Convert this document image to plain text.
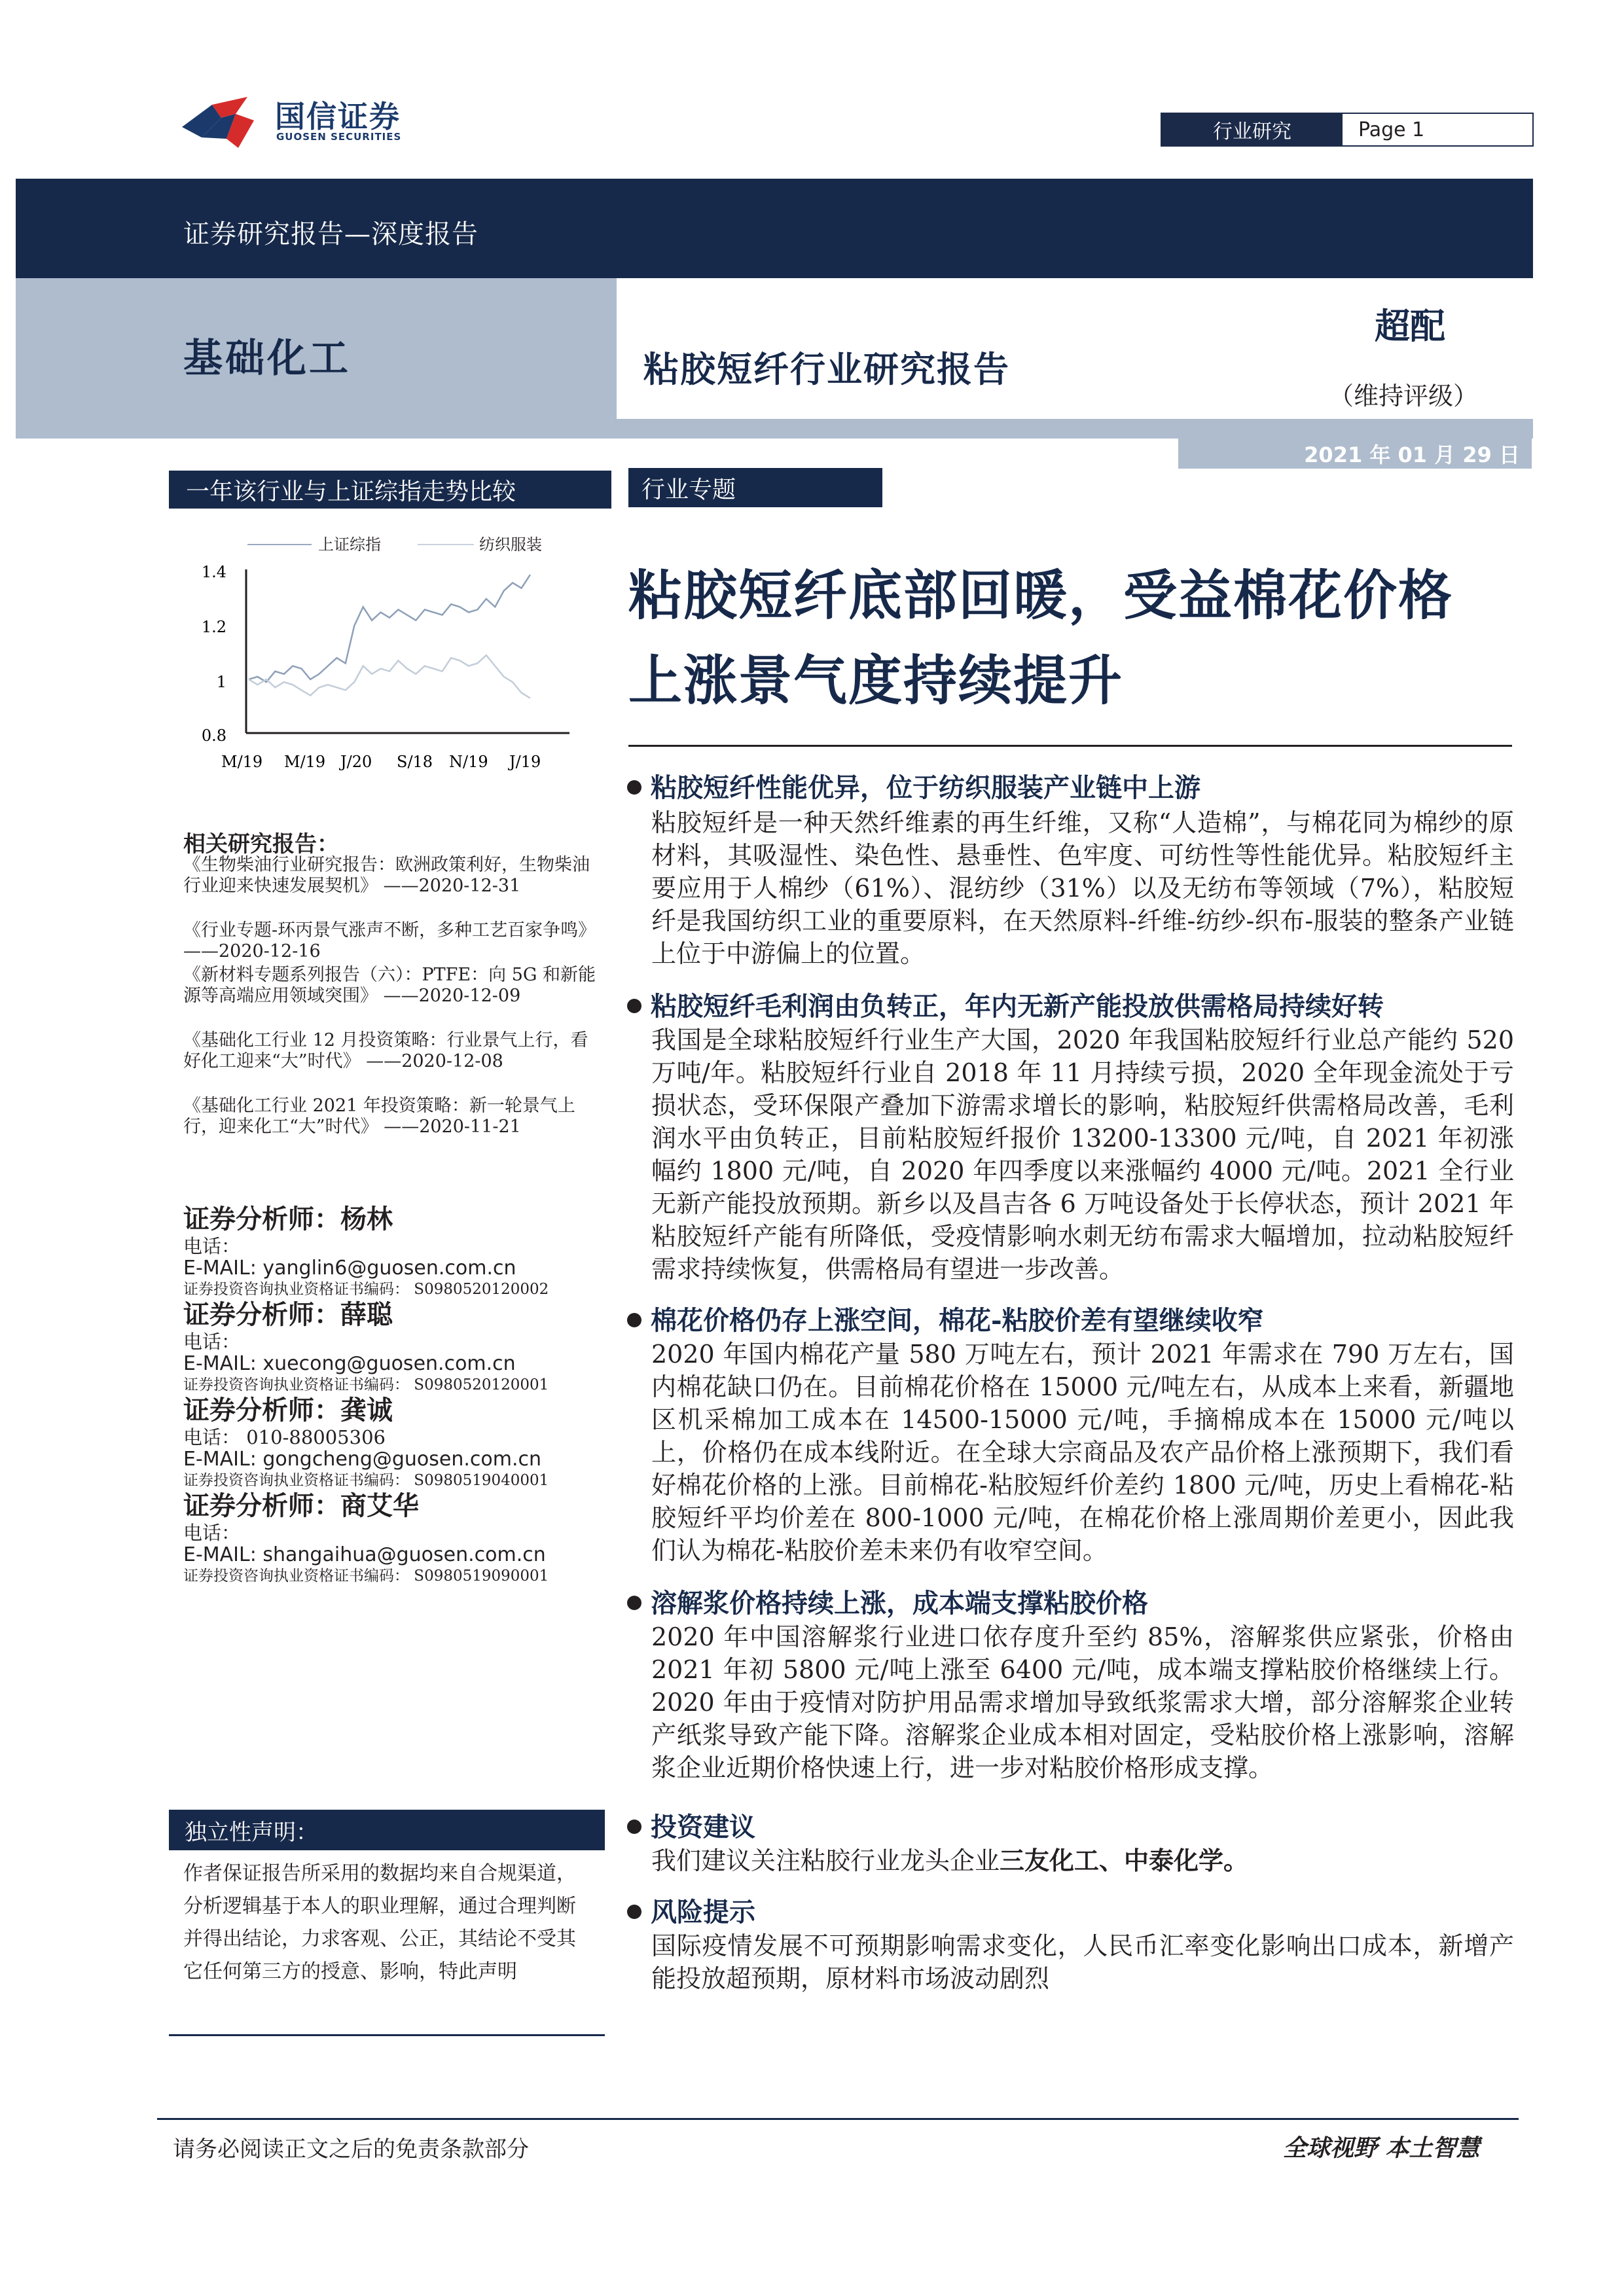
国信证券
GUOSEN SECURITIES	行业研究	Page 1
证券研究报告—深度报告
基础化工	粘胶短纤行业研究报告
超配
（维持评级）
2021 年 01 月 29 日
一年该行业与上证综指走势比较
上证综指	纺织服装
1.4
1.2
1
0.8
M/19 M/19 J/20 S/18 N/19 J/19
相关研究报告：
《生物柴油行业研究报告：欧洲政策利好，生物柴油行业迎来快速发展契机》 ——2020-12-31
《行业专题-环丙景气涨声不断，多种工艺百家争鸣》 ——2020-12-16
《新材料专题系列报告（六）：PTFE：向 5G 和新能源等高端应用领域突围》 ——2020-12-09
《基础化工行业 12 月投资策略：行业景气上行，看好化工迎来“大”时代》 ——2020-12-08
《基础化工行业 2021 年投资策略：新一轮景气上行，迎来化工“大”时代》 ——2020-11-21
证券分析师：杨林
电话：
E-MAIL: yanglin6@guosen.com.cn
证券投资咨询执业资格证书编码： S0980520120002
证券分析师：薛聪
电话：
E-MAIL: xuecong@guosen.com.cn
证券投资咨询执业资格证书编码： S0980520120001
证券分析师：龚诚
电话： 010-88005306
E-MAIL: gongcheng@guosen.com.cn
证券投资咨询执业资格证书编码： S0980519040001
证券分析师：商艾华
电话：
E-MAIL: shangaihua@guosen.com.cn
证券投资咨询执业资格证书编码： S0980519090001
独立性声明：
作者保证报告所采用的数据均来自合规渠道，分析逻辑基于本人的职业理解，通过合理判断并得出结论，力求客观、公正，其结论不受其它任何第三方的授意、影响，特此声明
行业专题
粘胶短纤底部回暖，受益棉花价格
上涨景气度持续提升
粘胶短纤性能优异，位于纺织服装产业链中上游
粘胶短纤是一种天然纤维素的再生纤维，又称“人造棉”，与棉花同为棉纱的原材料，其吸湿性、染色性、悬垂性、色牢度、可纺性等性能优异。粘胶短纤主要应用于人棉纱（61%）、混纺纱（31%）以及无纺布等领域（7%），粘胶短纤是我国纺织工业的重要原料，在天然原料-纤维-纺纱-织布-服装的整条产业链上位于中游偏上的位置。
粘胶短纤毛利润由负转正，年内无新产能投放供需格局持续好转
我国是全球粘胶短纤行业生产大国，2020 年我国粘胶短纤行业总产能约 520 万吨/年。粘胶短纤行业自 2018 年 11 月持续亏损，2020 全年现金流处于亏损状态，受环保限产叠加下游需求增长的影响，粘胶短纤供需格局改善，毛利润水平由负转正，目前粘胶短纤报价 13200-13300 元/吨，自 2021 年初涨幅约 1800 元/吨，自 2020 年四季度以来涨幅约 4000 元/吨。2021 全行业无新产能投放预期。新乡以及昌吉各 6 万吨设备处于长停状态，预计 2021 年粘胶短纤产能有所降低，受疫情影响水刺无纺布需求大幅增加，拉动粘胶短纤需求持续恢复，供需格局有望进一步改善。
棉花价格仍存上涨空间，棉花-粘胶价差有望继续收窄
2020 年国内棉花产量 580 万吨左右，预计 2021 年需求在 790 万左右，国内棉花缺口仍在。目前棉花价格在 15000 元/吨左右，从成本上来看，新疆地区机采棉加工成本在 14500-15000 元/吨，手摘棉成本在 15000 元/吨以上，价格仍在成本线附近。在全球大宗商品及农产品价格上涨预期下，我们看好棉花价格的上涨。目前棉花-粘胶短纤价差约 1800 元/吨，历史上看棉花-粘胶短纤平均价差在 800-1000 元/吨，在棉花价格上涨周期价差更小，因此我们认为棉花-粘胶价差未来仍有收窄空间。
溶解浆价格持续上涨，成本端支撑粘胶价格
2020 年中国溶解浆行业进口依存度升至约 85%，溶解浆供应紧张，价格由 2021 年初 5800 元/吨上涨至 6400 元/吨，成本端支撑粘胶价格继续上行。2020 年由于疫情对防护用品需求增加导致纸浆需求大增，部分溶解浆企业转产纸浆导致产能下降。溶解浆企业成本相对固定，受粘胶价格上涨影响，溶解浆企业近期价格快速上行，进一步对粘胶价格形成支撑。
投资建议
我们建议关注粘胶行业龙头企业三友化工、中泰化学。
风险提示
国际疫情发展不可预期影响需求变化，人民币汇率变化影响出口成本，新增产能投放超预期，原材料市场波动剧烈
请务必阅读正文之后的免责条款部分	全球视野 本土智慧
